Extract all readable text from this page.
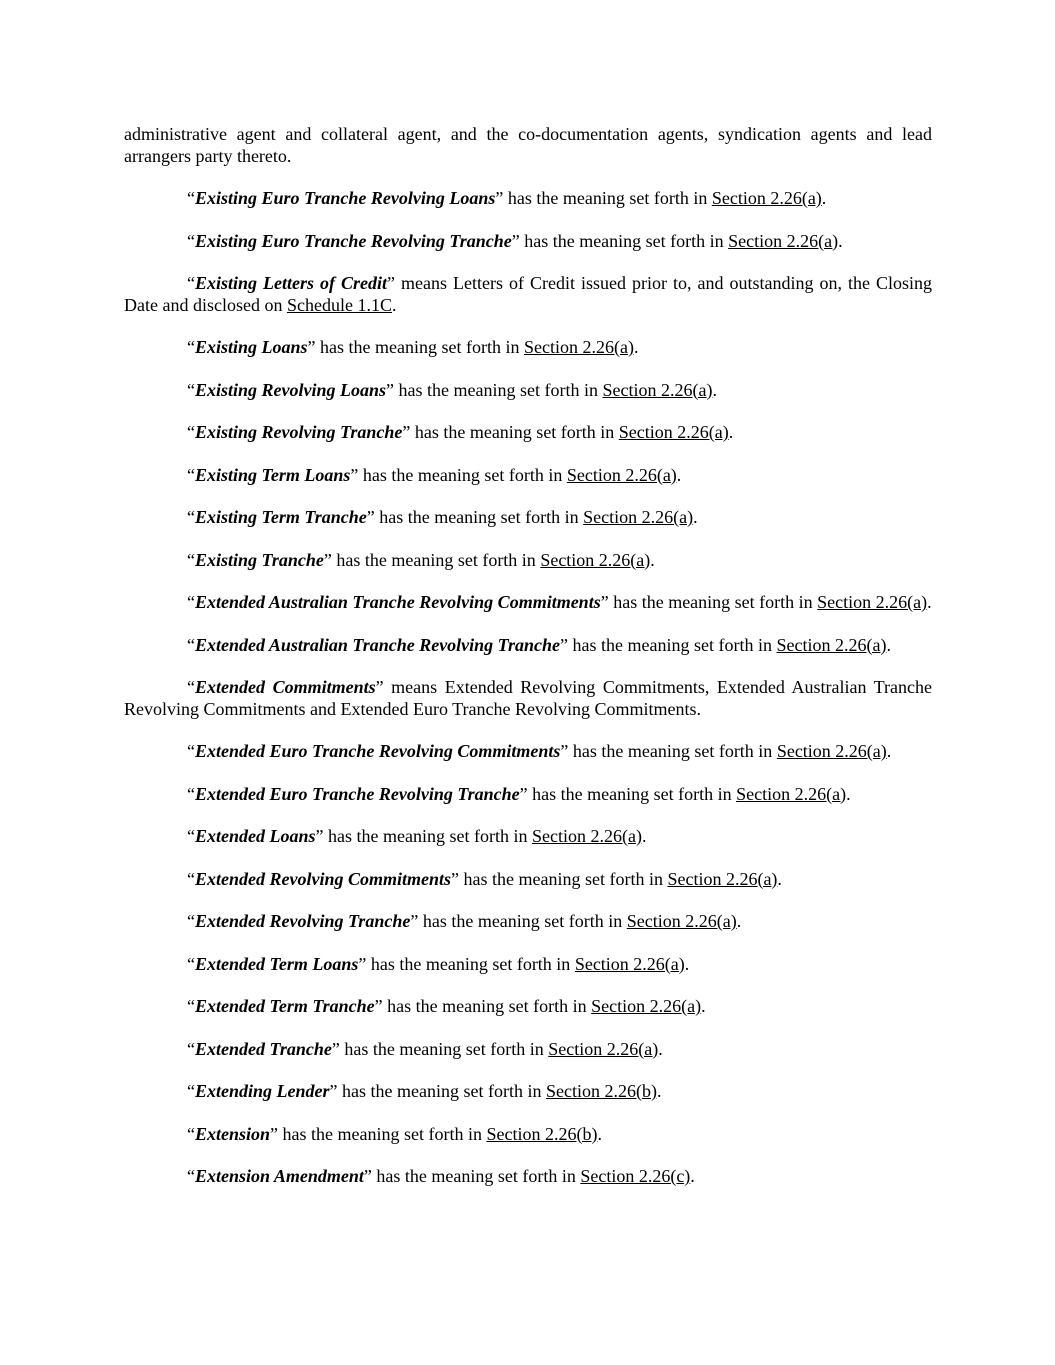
administrative agent and collateral agent, and the co-documentation agents, syndication agents and lead arrangers party thereto.

“Existing Euro Tranche Revolving Loans” has the meaning set forth in Section 2.26(a).

“Existing Euro Tranche Revolving Tranche” has the meaning set forth in Section 2.26(a).

“Existing Letters of Credit” means Letters of Credit issued prior to, and outstanding on, the Closing Date and disclosed on Schedule 1.1C.

“Existing Loans” has the meaning set forth in Section 2.26(a).

“Existing Revolving Loans” has the meaning set forth in Section 2.26(a).

“Existing Revolving Tranche” has the meaning set forth in Section 2.26(a).

“Existing Term Loans” has the meaning set forth in Section 2.26(a).

“Existing Term Tranche” has the meaning set forth in Section 2.26(a).

“Existing Tranche” has the meaning set forth in Section 2.26(a).

“Extended Australian Tranche Revolving Commitments” has the meaning set forth in Section 2.26(a).

“Extended Australian Tranche Revolving Tranche” has the meaning set forth in Section 2.26(a).

“Extended Commitments” means Extended Revolving Commitments, Extended Australian Tranche Revolving Commitments and Extended Euro Tranche Revolving Commitments.

“Extended Euro Tranche Revolving Commitments” has the meaning set forth in Section 2.26(a).

“Extended Euro Tranche Revolving Tranche” has the meaning set forth in Section 2.26(a).

“Extended Loans” has the meaning set forth in Section 2.26(a).

“Extended Revolving Commitments” has the meaning set forth in Section 2.26(a).

“Extended Revolving Tranche” has the meaning set forth in Section 2.26(a).

“Extended Term Loans” has the meaning set forth in Section 2.26(a).

“Extended Term Tranche” has the meaning set forth in Section 2.26(a).

“Extended Tranche” has the meaning set forth in Section 2.26(a).

“Extending Lender” has the meaning set forth in Section 2.26(b).

“Extension” has the meaning set forth in Section 2.26(b).

“Extension Amendment” has the meaning set forth in Section 2.26(c).
